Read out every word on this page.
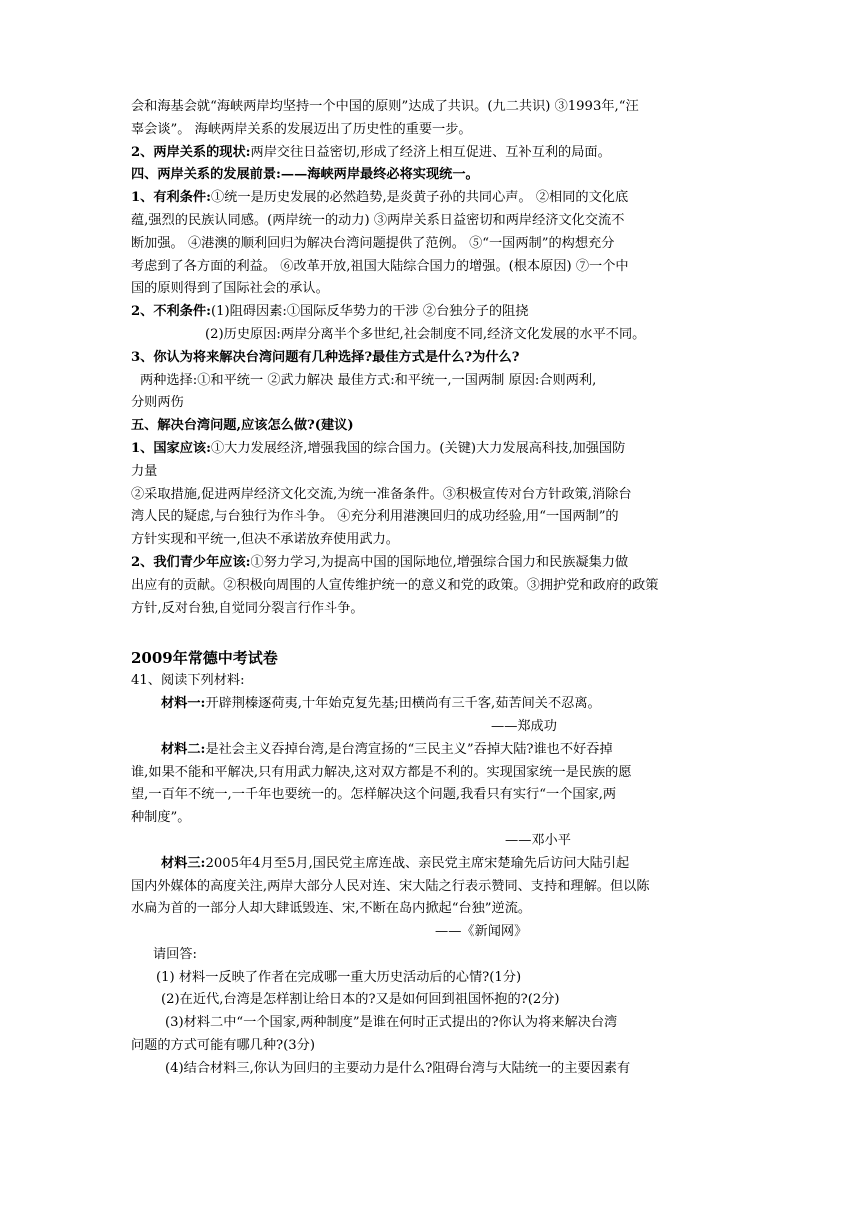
会和海基会就“海峡两岸均坚持一个中国的原则”达成了共识。(九二共识) ③1993年,“汪
辜会谈”。 海峡两岸关系的发展迈出了历史性的重要一步。
2、两岸关系的现状:两岸交往日益密切,形成了经济上相互促进、互补互利的局面。
四、两岸关系的发展前景:——海峡两岸最终必将实现统一。
1、有利条件:①统一是历史发展的必然趋势,是炎黄子孙的共同心声。 ②相同的文化底
蕴,强烈的民族认同感。(两岸统一的动力) ③两岸关系日益密切和两岸经济文化交流不
断加强。 ④港澳的顺利回归为解决台湾问题提供了范例。 ⑤“一国两制”的构想充分
考虑到了各方面的利益。 ⑥改革开放,祖国大陆综合国力的增强。(根本原因) ⑦一个中
国的原则得到了国际社会的承认。
2、不利条件:(1)阻碍因素:①国际反华势力的干涉 ②台独分子的阻挠
(2)历史原因:两岸分离半个多世纪,社会制度不同,经济文化发展的水平不同。
3、你认为将来解决台湾问题有几种选择?最佳方式是什么?为什么?
两种选择:①和平统一 ②武力解决 最佳方式:和平统一,一国两制 原因:合则两利,
分则两伤
五、解决台湾问题,应该怎么做?(建议)
1、国家应该:①大力发展经济,增强我国的综合国力。(关键)大力发展高科技,加强国防
力量
②采取措施,促进两岸经济文化交流,为统一准备条件。③积极宣传对台方针政策,消除台
湾人民的疑虑,与台独行为作斗争。 ④充分利用港澳回归的成功经验,用“一国两制”的
方针实现和平统一,但决不承诺放弃使用武力。
2、我们青少年应该:①努力学习,为提高中国的国际地位,增强综合国力和民族凝集力做
出应有的贡献。②积极向周围的人宣传维护统一的意义和党的政策。③拥护党和政府的政策
方针,反对台独,自觉同分裂言行作斗争。
2009年常德中考试卷
41、阅读下列材料:
材料一:开辟荆榛逐荷夷,十年始克复先基;田横尚有三千客,茹苦间关不忍离。
——郑成功
材料二:是社会主义吞掉台湾,是台湾宣扬的“三民主义”吞掉大陆?谁也不好吞掉
谁,如果不能和平解决,只有用武力解决,这对双方都是不利的。实现国家统一是民族的愿
望,一百年不统一,一千年也要统一的。怎样解决这个问题,我看只有实行“一个国家,两
种制度”。
——邓小平
材料三:2005年4月至5月,国民党主席连战、亲民党主席宋楚瑜先后访问大陆引起
国内外媒体的高度关注,两岸大部分人民对连、宋大陆之行表示赞同、支持和理解。但以陈
水扁为首的一部分人却大肆诋毁连、宋,不断在岛内掀起“台独”逆流。
——《新闻网》
请回答:
(1) 材料一反映了作者在完成哪一重大历史活动后的心情?(1分)
(2)在近代,台湾是怎样割让给日本的?又是如何回到祖国怀抱的?(2分)
(3)材料二中“一个国家,两种制度”是谁在何时正式提出的?你认为将来解决台湾
问题的方式可能有哪几种?(3分)
(4)结合材料三,你认为回归的主要动力是什么?阻碍台湾与大陆统一的主要因素有
